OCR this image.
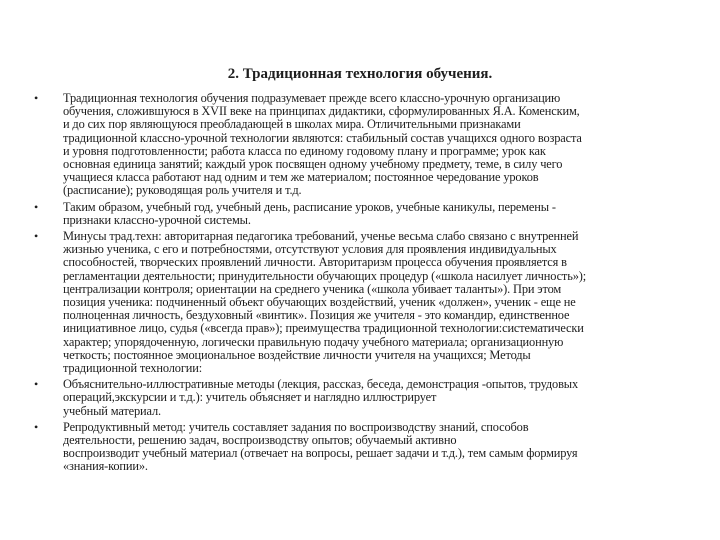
2. Традиционная технология обучения.
• Традиционная технология обучения подразумевает прежде всего классно-урочную организацию
обучения, сложившуюся в XVII веке на принципах дидактики, сформулированных Я.А. Коменским,
и до сих пор являющуюся преобладающей в школах мира. Отличительными признаками
традиционной классно-урочной технологии являются: стабильный состав учащихся одного возраста
и уровня подготовленности; работа класса по единому годовому плану и программе; урок как
основная единица занятий; каждый урок посвящен одному учебному предмету, теме, в силу чего
учащиеся класса работают над одним и тем же материалом; постоянное чередование уроков
(расписание); руководящая роль учителя и т.д.
• Таким образом, учебный год, учебный день, расписание уроков, учебные каникулы, перемены -
признаки классно-урочной системы.
• Минусы трад.техн: авторитарная педагогика требований, ученье весьма слабо связано с внутренней
жизнью ученика, с его и потребностями, отсутствуют условия для проявления индивидуальных
способностей, творческих проявлений личности. Авторитаризм процесса обучения проявляется в
регламентации деятельности; принудительности обучающих процедур («школа насилует личность»);
централизации контроля; ориентации на среднего ученика («школа убивает таланты»). При этом
позиция ученика: подчиненный объект обучающих воздействий, ученик «должен», ученик - еще не
полноценная личность, бездуховный «винтик». Позиция же учителя - это командир, единственное
инициативное лицо, судья («всегда прав»); преимущества традиционной технологии:систематически
характер; упорядоченную, логически правильную подачу учебного материала; организационную
четкость; постоянное эмоциональное воздействие личности учителя на учащихся; Методы
традиционной технологии:
• Объяснительно-иллюстративные методы (лекция, рассказ, беседа, демонстрация -опытов, трудовых
операций,экскурсии и т.д.): учитель объясняет и наглядно иллюстрирует
учебный материал.
• Репродуктивный метод: учитель составляет задания по воспроизводству знаний, способов
деятельности, решению задач, воспроизводству опытов; обучаемый активно
воспроизводит учебный материал (отвечает на вопросы, решает задачи и т.д.), тем самым формируя
«знания-копии».
